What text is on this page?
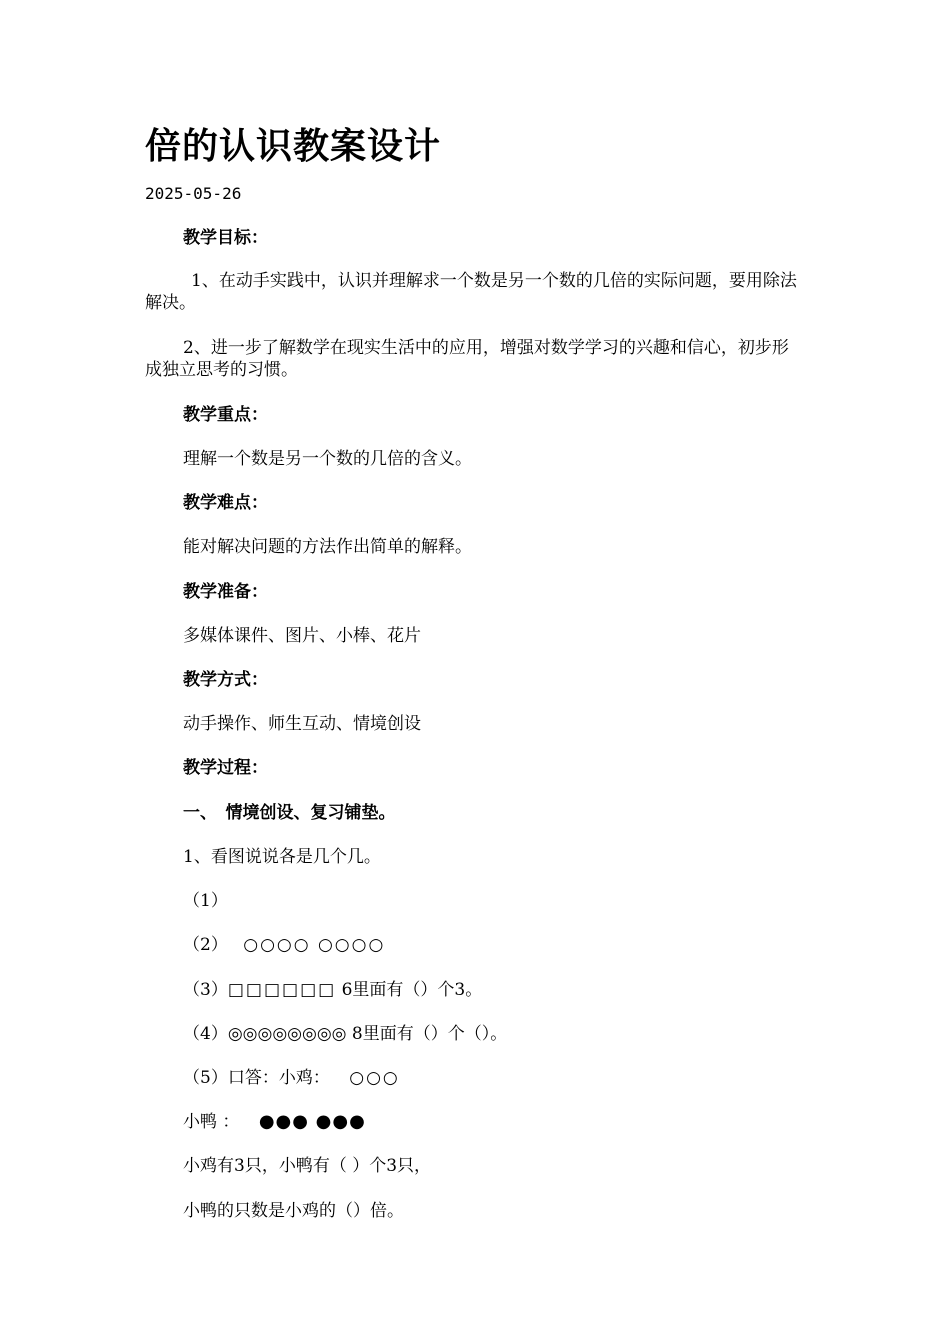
倍的认识教案设计
2025-05-26
教学目标：
1、在动手实践中，认识并理解求一个数是另一个数的几倍的实际问题，要用除法解决。
2、进一步了解数学在现实生活中的应用，增强对数学学习的兴趣和信心，初步形成独立思考的习惯。
教学重点：
理解一个数是另一个数的几倍的含义。
教学难点：
能对解决问题的方法作出简单的解释。
教学准备：
多媒体课件、图片、小棒、花片
教学方式：
动手操作、师生互动、情境创设
教学过程：
一、　情境创设、复习铺垫。
1、看图说说各是几个几。
（1）
（2） ○○○○ ○○○○
（3）□□□□□□ 6里面有（）个3。
（4）◎◎◎◎◎◎◎◎ 8里面有（）个（）。
（5）口答：小鸡： ○○○
小鸭 ： ●●● ●●●
小鸡有3只，小鸭有（ ）个3只，
小鸭的只数是小鸡的（）倍。
